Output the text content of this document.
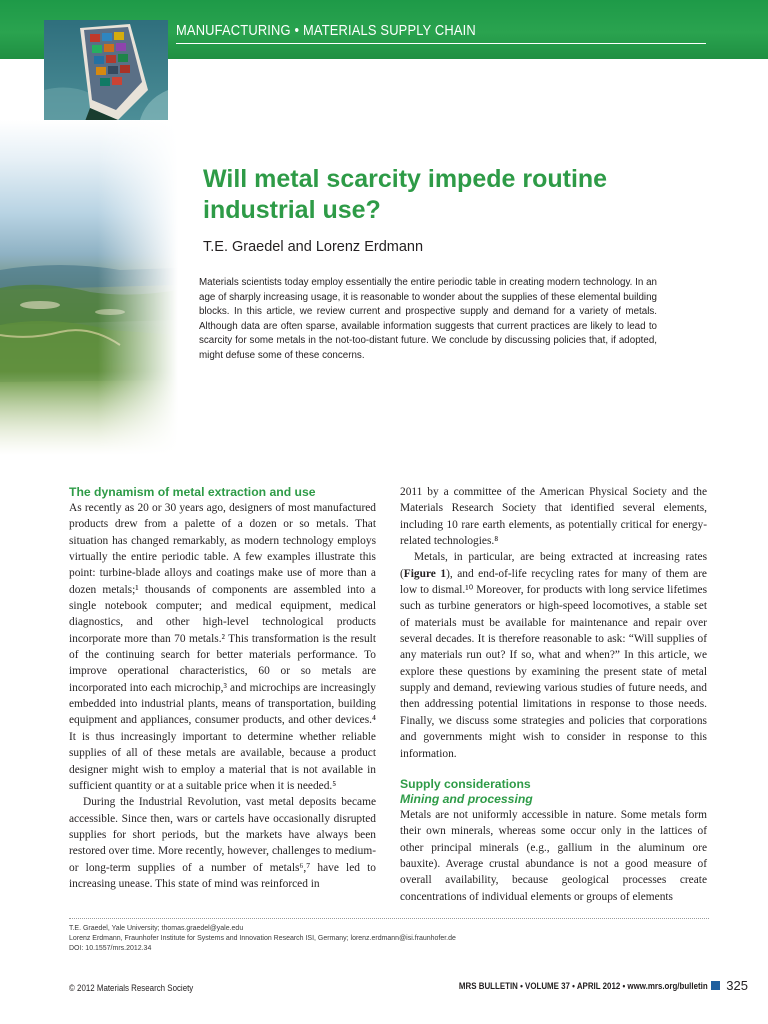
MANUFACTURING • MATERIALS SUPPLY CHAIN
Will metal scarcity impede routine industrial use?

T.E. Graedel and Lorenz Erdmann

Materials scientists today employ essentially the entire periodic table in creating modern technology. In an age of sharply increasing usage, it is reasonable to wonder about the supplies of these elemental building blocks. In this article, we review current and prospective supply and demand for a variety of metals. Although data are often sparse, available information suggests that current practices are likely to lead to scarcity for some metals in the not-too-distant future. We conclude by discussing policies that, if adopted, might defuse some of these concerns.

The dynamism of metal extraction and use

As recently as 20 or 30 years ago, designers of most manufactured products drew from a palette of a dozen or so metals. That situation has changed remarkably, as modern technology employs virtually the entire periodic table. A few examples illustrate this point: turbine-blade alloys and coatings make use of more than a dozen metals;¹ thousands of components are assembled into a single notebook computer; and medical equipment, medical diagnostics, and other high-level technological products incorporate more than 70 metals.² This transformation is the result of the continuing search for better materials performance. To improve operational characteristics, 60 or so metals are incorporated into each microchip,³ and microchips are increasingly embedded into industrial plants, means of transportation, building equipment and appliances, consumer products, and other devices.⁴ It is thus increasingly important to determine whether reliable supplies of all of these metals are available, because a product designer might wish to employ a material that is not available in sufficient quantity or at a suitable price when it is needed.⁵

During the Industrial Revolution, vast metal deposits became accessible. Since then, wars or cartels have occasionally disrupted supplies for short periods, but the markets have always been restored over time. More recently, however, challenges to medium- or long-term supplies of a number of metals⁶,⁷ have led to increasing unease. This state of mind was reinforced in

2011 by a committee of the American Physical Society and the Materials Research Society that identified several elements, including 10 rare earth elements, as potentially critical for energy-related technologies.⁸

Metals, in particular, are being extracted at increasing rates (Figure 1), and end-of-life recycling rates for many of them are low to dismal.¹⁰ Moreover, for products with long service lifetimes such as turbine generators or high-speed locomotives, a stable set of materials must be available for maintenance and repair over several decades. It is therefore reasonable to ask: “Will supplies of any materials run out? If so, what and when?” In this article, we explore these questions by examining the present state of metal supply and demand, reviewing various studies of future needs, and then addressing potential limitations in response to those needs. Finally, we discuss some strategies and policies that corporations and governments might wish to consider in response to this information.

Supply considerations
Mining and processing

Metals are not uniformly accessible in nature. Some metals form their own minerals, whereas some occur only in the lattices of other principal minerals (e.g., gallium in the aluminum ore bauxite). Average crustal abundance is not a good measure of overall availability, because geological processes create concentrations of individual elements or groups of elements

T.E. Graedel, Yale University; thomas.graedel@yale.edu
Lorenz Erdmann, Fraunhofer Institute for Systems and Innovation Research ISI, Germany; lorenz.erdmann@isi.fraunhofer.de
DOI: 10.1557/mrs.2012.34
© 2012 Materials Research Society	MRS BULLETIN • VOLUME 37 • APRIL 2012 • www.mrs.org/bulletin 325
